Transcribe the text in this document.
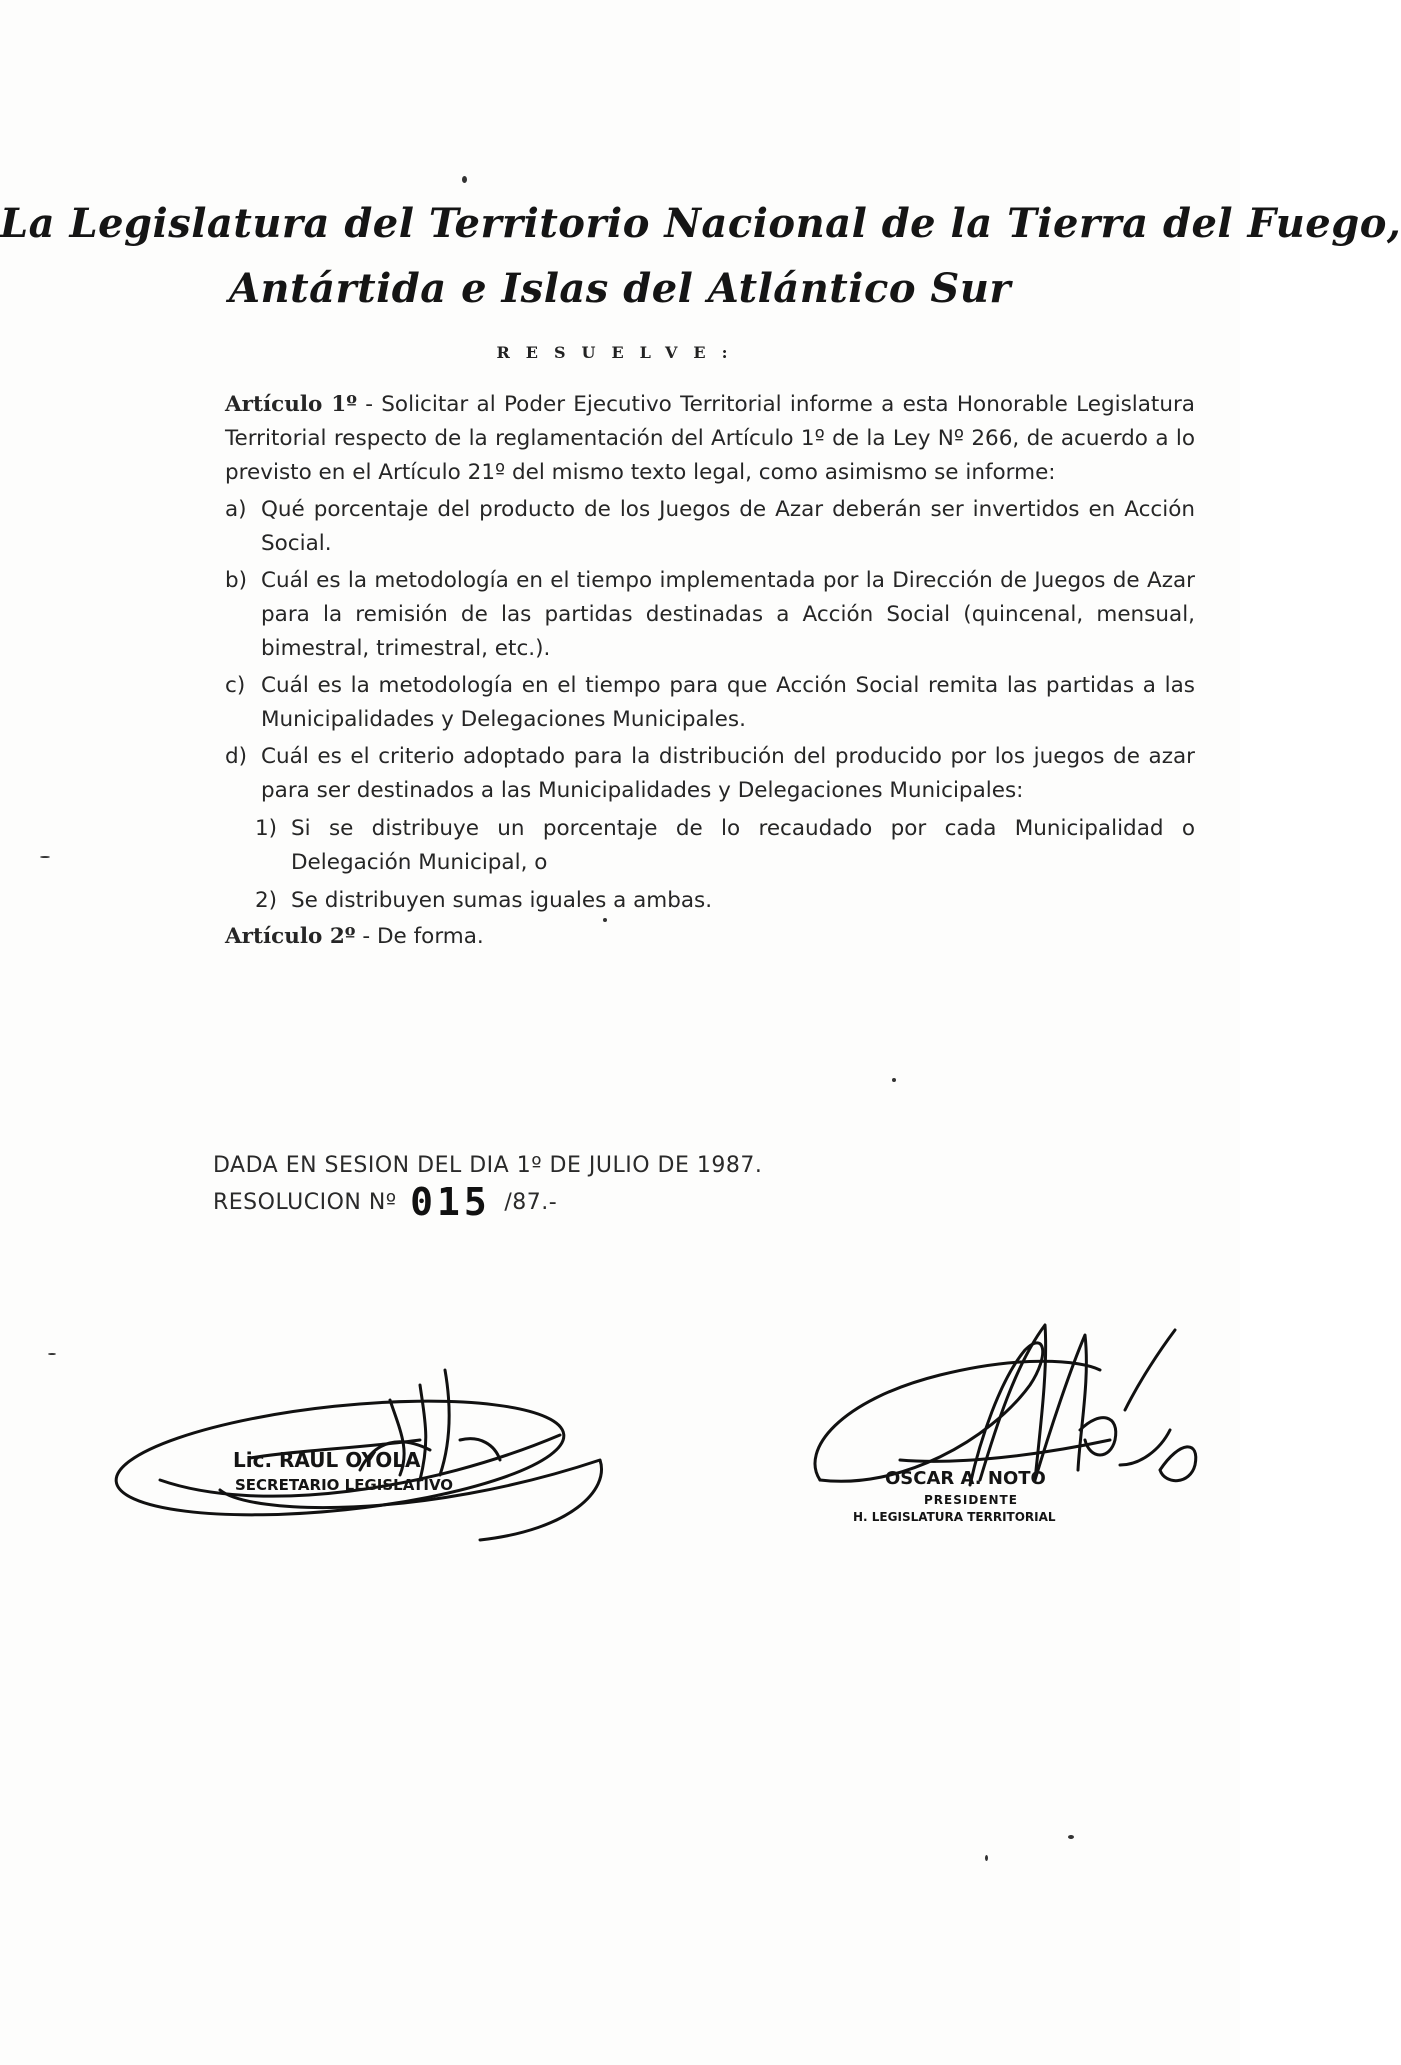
La Legislatura del Territorio Nacional de la Tierra del Fuego,
Antártida e Islas del Atlántico Sur
RESUELVE:

Artículo 1º - Solicitar al Poder Ejecutivo Territorial informe a esta Honorable Legislatura Territorial respecto de la reglamentación del Artículo 1º de la Ley Nº 266, de acuerdo a lo previsto en el Artículo 21º del mismo texto legal, como asimismo se informe:

a) Qué porcentaje del producto de los Juegos de Azar deberán ser invertidos en Acción Social.
b) Cuál es la metodología en el tiempo implementada por la Dirección de Juegos de Azar para la remisión de las partidas destinadas a Acción Social (quincenal, mensual, bimestral, trimestral, etc.).
c) Cuál es la metodología en el tiempo para que Acción Social remita las partidas a las Municipalidades y Delegaciones Municipales.
d) Cuál es el criterio adoptado para la distribución del producido por los juegos de azar para ser destinados a las Municipalidades y Delegaciones Municipales:
1) Si se distribuye un porcentaje de lo recaudado por cada Municipalidad o Delegación Municipal, o
2) Se distribuyen sumas iguales a ambas.

Artículo 2º - De forma.

DADA EN SESION DEL DIA 1º DE JULIO DE 1987.
RESOLUCION Nº 015 /87.-
Lic. RAUL OYOLA
SECRETARIO LEGISLATIVO	OSCAR A. NOTO
PRESIDENTE
H. LEGISLATURA TERRITORIAL
